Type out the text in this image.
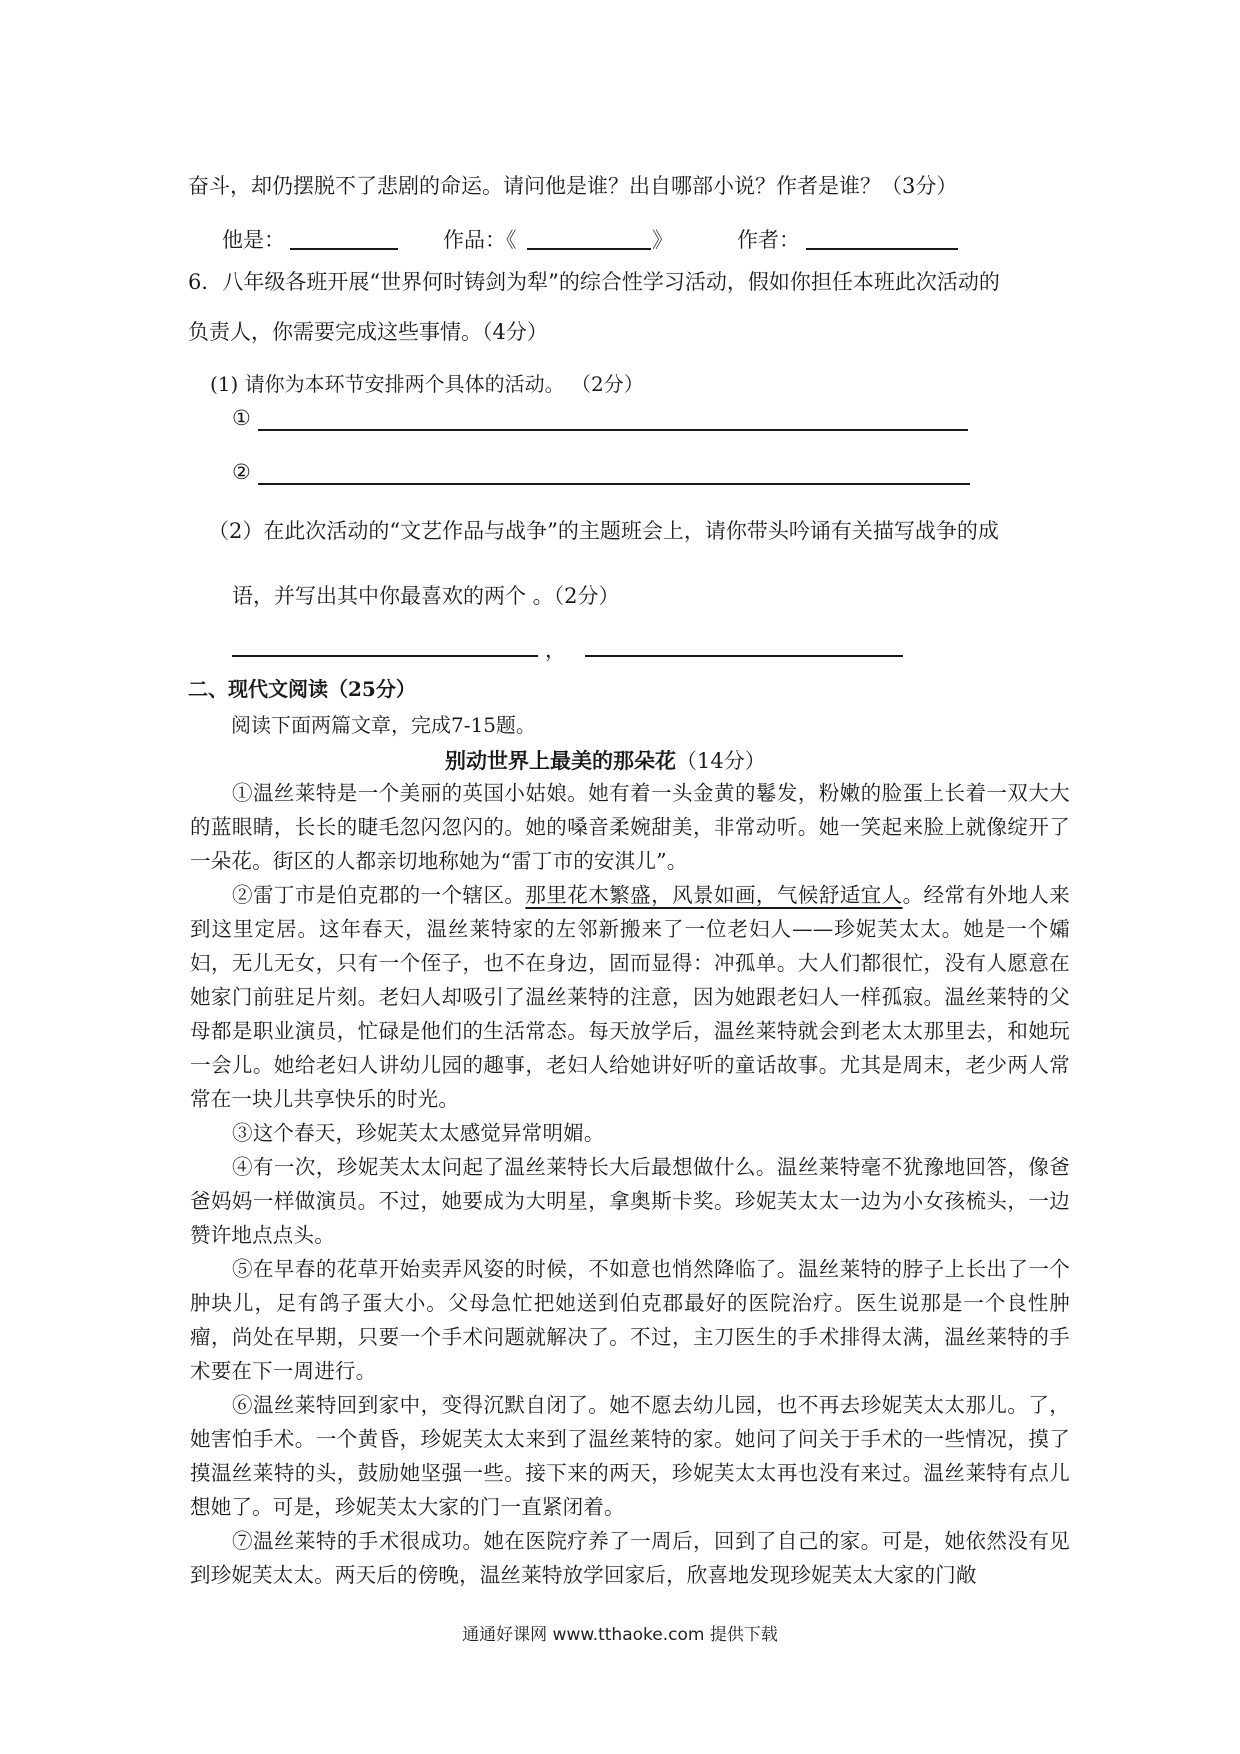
奋斗，却仍摆脱不了悲剧的命运。请问他是谁？出自哪部小说？作者是谁？（3分）
他是：	作品：《	》	作者：
6．八年级各班开展“世界何时铸剑为犁”的综合性学习活动，假如你担任本班此次活动的
负责人，你需要完成这些事情。（4分）
(1) 请你为本环节安排两个具体的活动。 （2分）
①
②
（2）在此次活动的“文艺作品与战争”的主题班会上，请你带头吟诵有关描写战争的成
语，并写出其中你最喜欢的两个 。（2分）
，
二、现代文阅读（25分）
阅读下面两篇文章，完成7-15题。
别动世界上最美的那朵花（14分）
①温丝莱特是一个美丽的英国小姑娘。她有着一头金黄的鬈发，粉嫩的脸蛋上长着一双大大的蓝眼睛，长长的睫毛忽闪忽闪的。她的嗓音柔婉甜美，非常动听。她一笑起来脸上就像绽开了一朵花。街区的人都亲切地称她为“雷丁市的安淇儿”。
②雷丁市是伯克郡的一个辖区。那里花木繁盛，风景如画，气候舒适宜人。经常有外地人来到这里定居。这年春天，温丝莱特家的左邻新搬来了一位老妇人——珍妮芙太太。她是一个孀妇，无儿无女，只有一个侄子，也不在身边，固而显得：冲孤单。大人们都很忙，没有人愿意在她家门前驻足片刻。老妇人却吸引了温丝莱特的注意，因为她跟老妇人一样孤寂。温丝莱特的父母都是职业演员，忙碌是他们的生活常态。每天放学后，温丝莱特就会到老太太那里去，和她玩一会儿。她给老妇人讲幼儿园的趣事，老妇人给她讲好听的童话故事。尤其是周末，老少两人常常在一块儿共享快乐的时光。
③这个春天，珍妮芙太太感觉异常明媚。
④有一次，珍妮芙太太问起了温丝莱特长大后最想做什么。温丝莱特毫不犹豫地回答，像爸爸妈妈一样做演员。不过，她要成为大明星，拿奥斯卡奖。珍妮芙太太一边为小女孩梳头，一边赞许地点点头。
⑤在早春的花草开始卖弄风姿的时候，不如意也悄然降临了。温丝莱特的脖子上长出了一个肿块儿，足有鸽子蛋大小。父母急忙把她送到伯克郡最好的医院治疗。医生说那是一个良性肿瘤，尚处在早期，只要一个手术问题就解决了。不过，主刀医生的手术排得太满，温丝莱特的手术要在下一周进行。
⑥温丝莱特回到家中，变得沉默自闭了。她不愿去幼儿园，也不再去珍妮芙太太那儿。了，她害怕手术。一个黄昏，珍妮芙太太来到了温丝莱特的家。她问了问关于手术的一些情况，摸了摸温丝莱特的头，鼓励她坚强一些。接下来的两天，珍妮芙太太再也没有来过。温丝莱特有点儿想她了。可是，珍妮芙太大家的门一直紧闭着。
⑦温丝莱特的手术很成功。她在医院疗养了一周后，回到了自己的家。可是，她依然没有见到珍妮芙太太。两天后的傍晚，温丝莱特放学回家后，欣喜地发现珍妮芙太大家的门敞
通通好课网 www.tthaoke.com 提供下载
